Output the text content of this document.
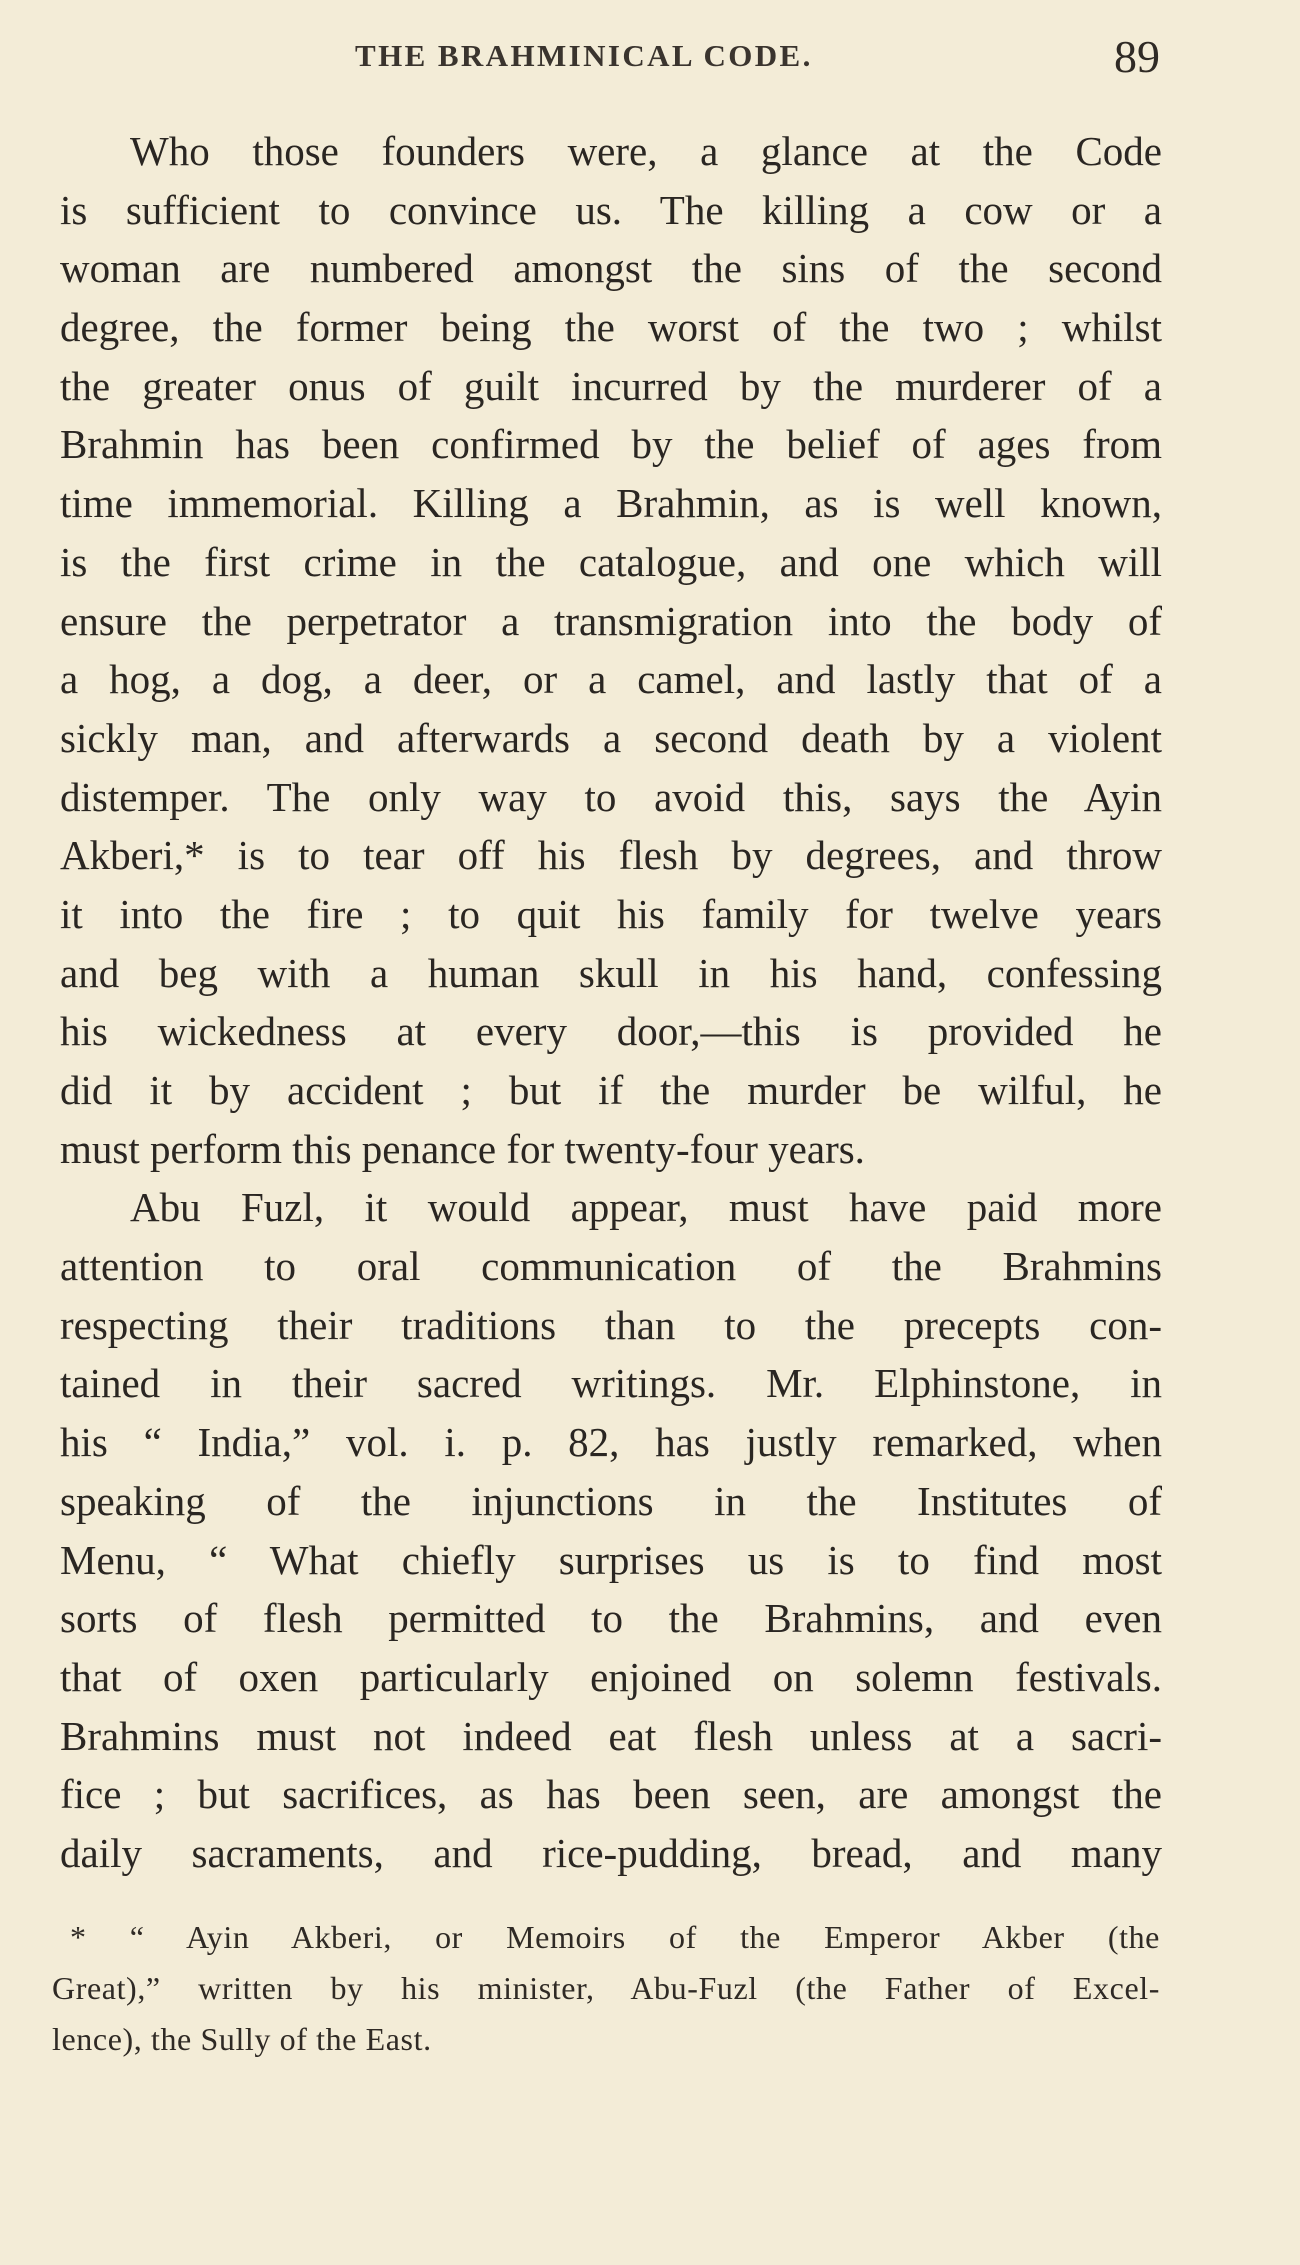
THE BRAHMINICAL CODE.	89
Who those founders were, a glance at the Code
is sufficient to convince us. The killing a cow or a
woman are numbered amongst the sins of the second
degree, the former being the worst of the two ; whilst
the greater onus of guilt incurred by the murderer of a
Brahmin has been confirmed by the belief of ages from
time immemorial. Killing a Brahmin, as is well known,
is the first crime in the catalogue, and one which will
ensure the perpetrator a transmigration into the body of
a hog, a dog, a deer, or a camel, and lastly that of a
sickly man, and afterwards a second death by a violent
distemper. The only way to avoid this, says the Ayin
Akberi,* is to tear off his flesh by degrees, and throw
it into the fire ; to quit his family for twelve years
and beg with a human skull in his hand, confessing
his wickedness at every door,—this is provided he
did it by accident ; but if the murder be wilful, he
must perform this penance for twenty-four years.
Abu Fuzl, it would appear, must have paid more
attention to oral communication of the Brahmins
respecting their traditions than to the precepts con-
tained in their sacred writings. Mr. Elphinstone, in
his “ India,” vol. i. p. 82, has justly remarked, when
speaking of the injunctions in the Institutes of
Menu, “ What chiefly surprises us is to find most
sorts of flesh permitted to the Brahmins, and even
that of oxen particularly enjoined on solemn festivals.
Brahmins must not indeed eat flesh unless at a sacri-
fice ; but sacrifices, as has been seen, are amongst the
daily sacraments, and rice-pudding, bread, and many
* “ Ayin Akberi, or Memoirs of the Emperor Akber (the
Great),” written by his minister, Abu-Fuzl (the Father of Excel-
lence), the Sully of the East.
